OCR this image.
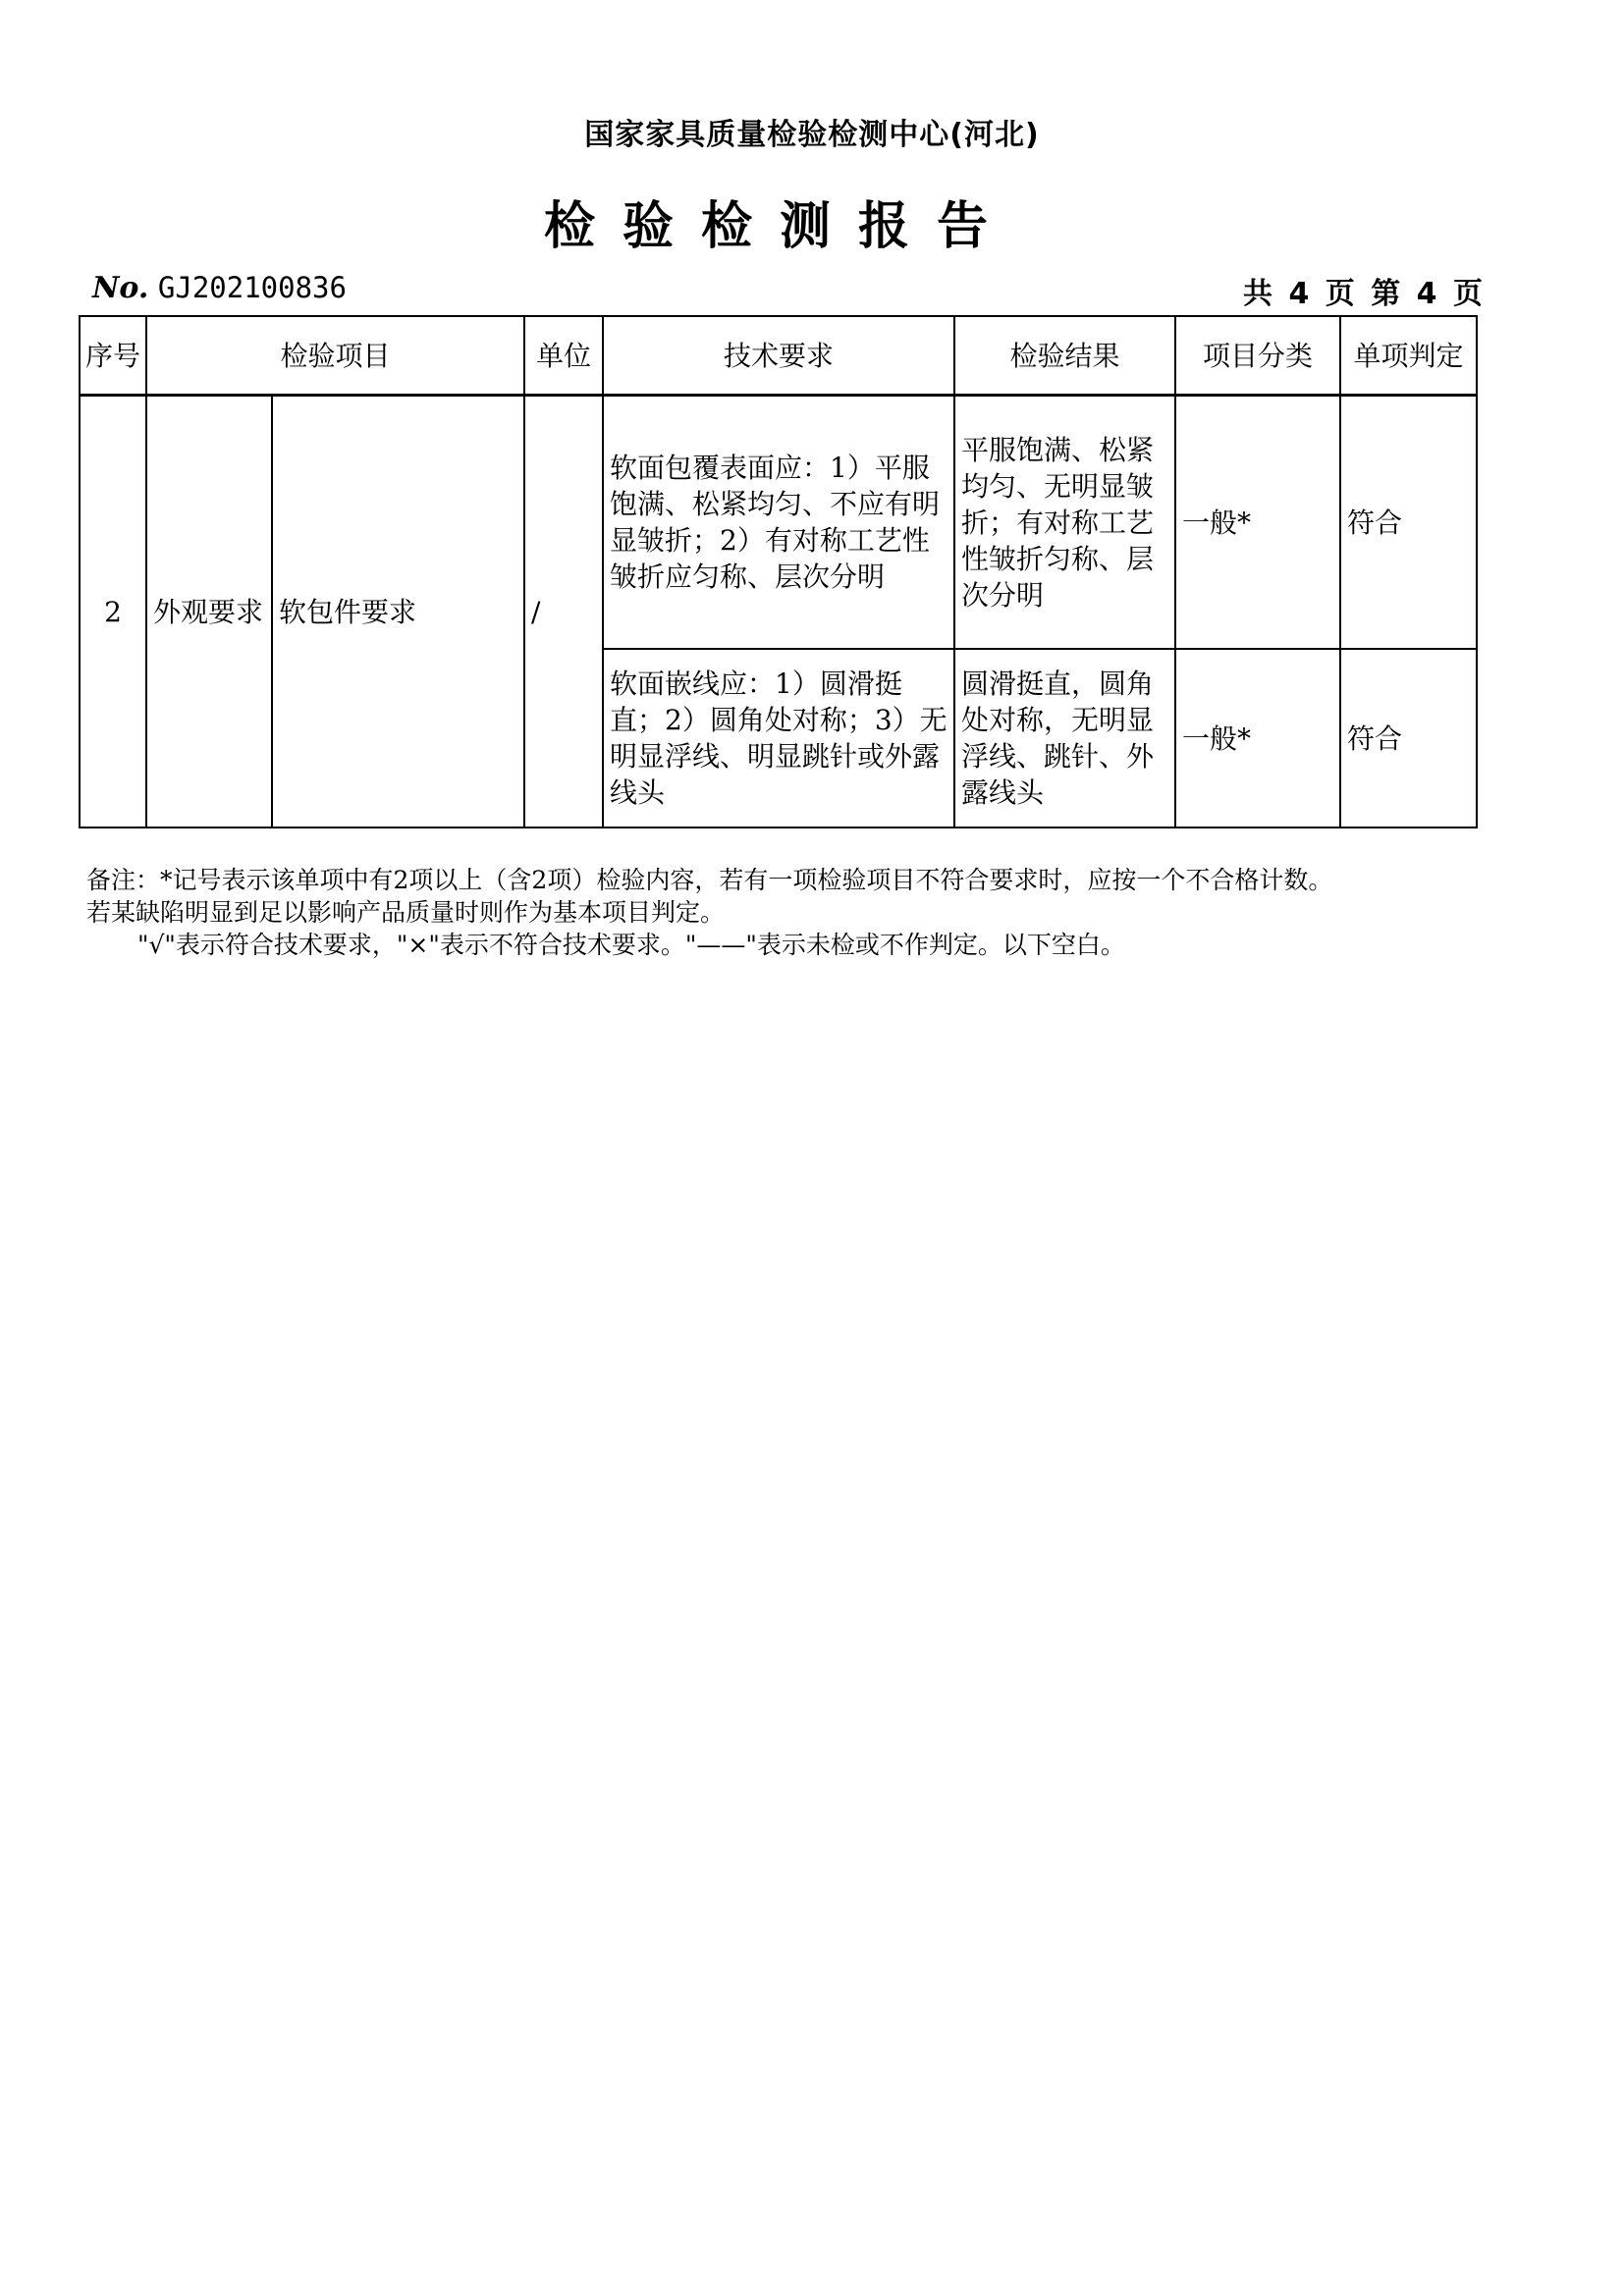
国家家具质量检验检测中心(河北)
检验检测报告
No. GJ202100836	共 4 页 第 4 页
序号	检验项目		单位	技术要求	检验结果	项目分类	单项判定
2	外观要求	软包件要求	/	软面包覆表面应：1）平服饱满、松紧均匀、不应有明显皱折；2）有对称工艺性皱折应匀称、层次分明	平服饱满、松紧均匀、无明显皱折；有对称工艺性皱折匀称、层次分明	一般*	符合
				软面嵌线应：1）圆滑挺直；2）圆角处对称；3）无明显浮线、明显跳针或外露线头	圆滑挺直，圆角处对称，无明显浮线、跳针、外露线头	一般*	符合
备注：*记号表示该单项中有2项以上（含2项）检验内容，若有一项检验项目不符合要求时，应按一个不合格计数。
若某缺陷明显到足以影响产品质量时则作为基本项目判定。
"√"表示符合技术要求，"×"表示不符合技术要求。"——"表示未检或不作判定。以下空白。
